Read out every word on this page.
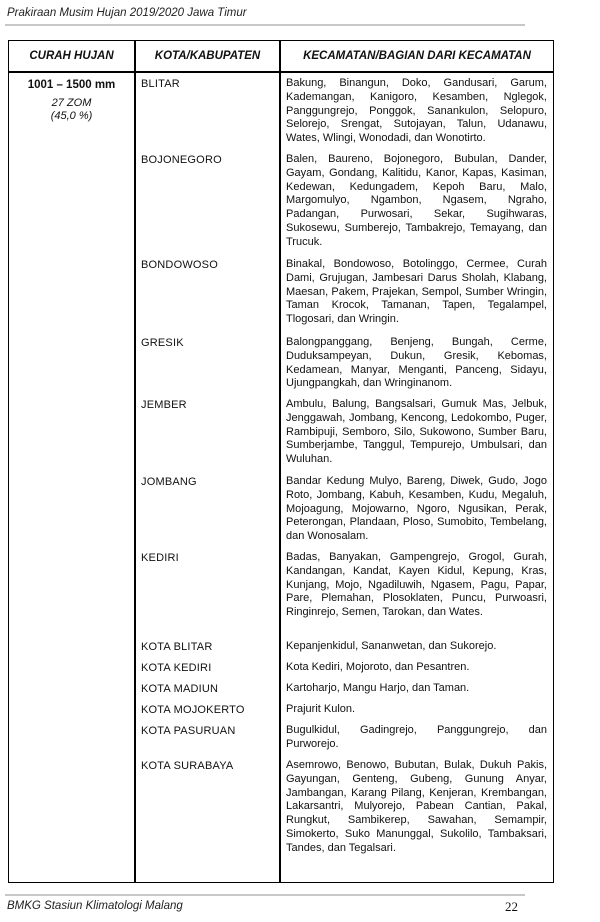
Prakiraan Musim Hujan 2019/2020 Jawa Timur
CURAH HUJAN	KOTA/KABUPATEN	KECAMATAN/BAGIAN DARI KECAMATAN
1001 – 1500 mm
27 ZOM
(45,0 %)
BLITAR	Bakung, Binangun, Doko, Gandusari, Garum, Kademangan, Kanigoro, Kesamben, Nglegok, Panggungrejo, Ponggok, Sanankulon, Selopuro, Selorejo, Srengat, Sutojayan, Talun, Udanawu, Wates, Wlingi, Wonodadi, dan Wonotirto.
BOJONEGORO	Balen, Baureno, Bojonegoro, Bubulan, Dander, Gayam, Gondang, Kalitidu, Kanor, Kapas, Kasiman, Kedewan, Kedungadem, Kepoh Baru, Malo, Margomulyo, Ngambon, Ngasem, Ngraho, Padangan, Purwosari, Sekar, Sugihwaras, Sukosewu, Sumberejo, Tambakrejo, Temayang, dan Trucuk.
BONDOWOSO	Binakal, Bondowoso, Botolinggo, Cermee, Curah Dami, Grujugan, Jambesari Darus Sholah, Klabang, Maesan, Pakem, Prajekan, Sempol, Sumber Wringin, Taman Krocok, Tamanan, Tapen, Tegalampel, Tlogosari, dan Wringin.
GRESIK	Balongpanggang, Benjeng, Bungah, Cerme, Duduksampeyan, Dukun, Gresik, Kebomas, Kedamean, Manyar, Menganti, Panceng, Sidayu, Ujungpangkah, dan Wringinanom.
JEMBER	Ambulu, Balung, Bangsalsari, Gumuk Mas, Jelbuk, Jenggawah, Jombang, Kencong, Ledokombo, Puger, Rambipuji, Semboro, Silo, Sukowono, Sumber Baru, Sumberjambe, Tanggul, Tempurejo, Umbulsari, dan Wuluhan.
JOMBANG	Bandar Kedung Mulyo, Bareng, Diwek, Gudo, Jogo Roto, Jombang, Kabuh, Kesamben, Kudu, Megaluh, Mojoagung, Mojowarno, Ngoro, Ngusikan, Perak, Peterongan, Plandaan, Ploso, Sumobito, Tembelang, dan Wonosalam.
KEDIRI	Badas, Banyakan, Gampengrejo, Grogol, Gurah, Kandangan, Kandat, Kayen Kidul, Kepung, Kras, Kunjang, Mojo, Ngadiluwih, Ngasem, Pagu, Papar, Pare, Plemahan, Plosoklaten, Puncu, Purwoasri, Ringinrejo, Semen, Tarokan, dan Wates.
KOTA BLITAR	Kepanjenkidul, Sananwetan, dan Sukorejo.
KOTA KEDIRI	Kota Kediri, Mojoroto, dan Pesantren.
KOTA MADIUN	Kartoharjo, Mangu Harjo, dan Taman.
KOTA MOJOKERTO	Prajurit Kulon.
KOTA PASURUAN	Bugulkidul, Gadingrejo, Panggungrejo, dan Purworejo.
KOTA SURABAYA	Asemrowo, Benowo, Bubutan, Bulak, Dukuh Pakis, Gayungan, Genteng, Gubeng, Gunung Anyar, Jambangan, Karang Pilang, Kenjeran, Krembangan, Lakarsantri, Mulyorejo, Pabean Cantian, Pakal, Rungkut, Sambikerep, Sawahan, Semampir, Simokerto, Suko Manunggal, Sukolilo, Tambaksari, Tandes, dan Tegalsari.
BMKG Stasiun Klimatologi Malang	22
